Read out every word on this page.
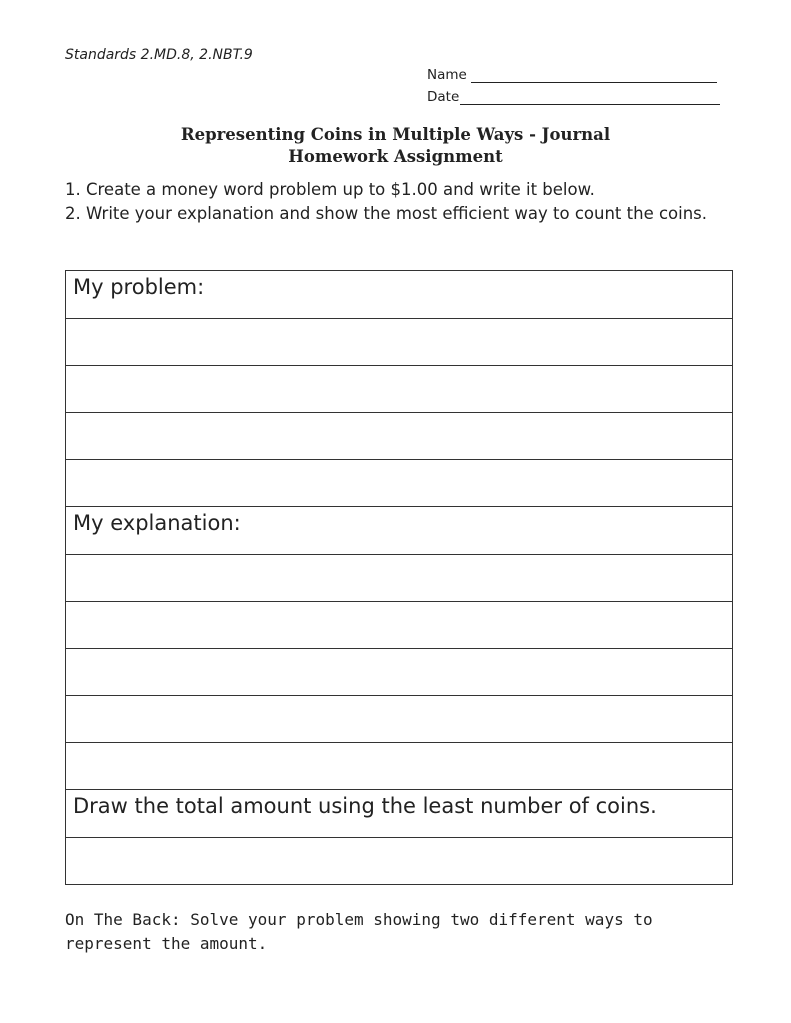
Standards 2.MD.8, 2.NBT.9
Name
Date
Representing Coins in Multiple Ways - Journal
Homework Assignment
1. Create a money word problem up to $1.00 and write it below.
2. Write your explanation and show the most efficient way to count the coins.
My problem:

My explanation:

Draw the total amount using the least number of coins.

On The Back: Solve your problem showing two different ways to represent the amount.
